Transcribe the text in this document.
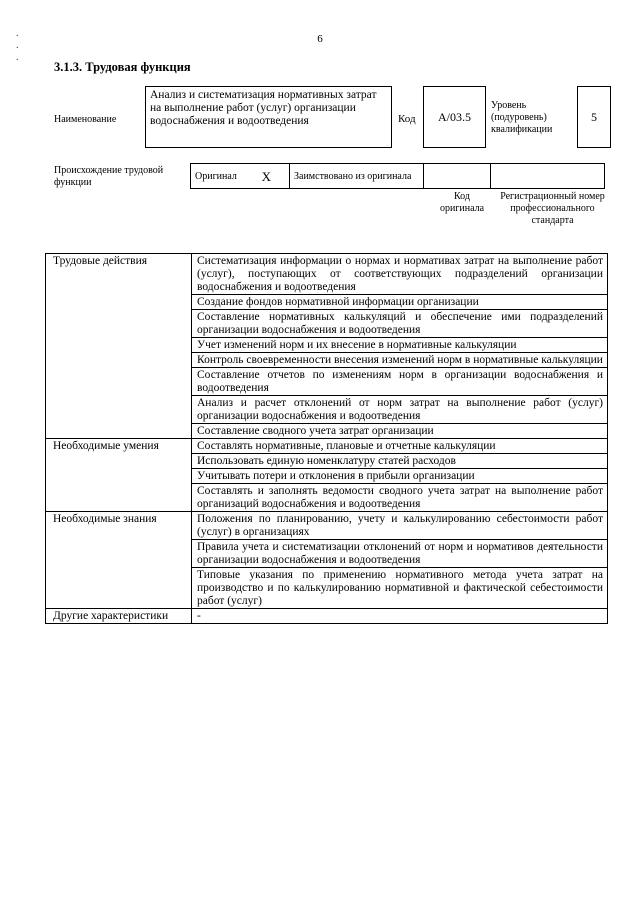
.
.
.
6
3.1.3. Трудовая функция
Наименование
Анализ и систематизация нормативных затрат на выполнение работ (услуг) организации водоснабжения и водоотведения	Код A/03.5
Уровень (подуровень) квалификации
5
Происхождение трудовой функции
Оригинал X	Заимствовано из оригинала		
Код оригинала
Регистрационный номер профессионального стандарта
Трудовые действия	Систематизация информации о нормах и нормативах затрат на выполнение работ (услуг), поступающих от соответствующих подразделений организации водоснабжения и водоотведения
	Создание фондов нормативной информации организации
	Составление нормативных калькуляций и обеспечение ими подразделений организации водоснабжения и водоотведения
	Учет изменений норм и их внесение в нормативные калькуляции
	Контроль своевременности внесения изменений норм в нормативные калькуляции
	Составление отчетов по изменениям норм в организации водоснабжения и водоотведения
	Анализ и расчет отклонений от норм затрат на выполнение работ (услуг) организации водоснабжения и водоотведения
	Составление сводного учета затрат организации
Необходимые умения	Составлять нормативные, плановые и отчетные калькуляции
	Использовать единую номенклатуру статей расходов
	Учитывать потери и отклонения в прибыли организации
	Составлять и заполнять ведомости сводного учета затрат на выполнение работ организаций водоснабжения и водоотведения
Необходимые знания	Положения по планированию, учету и калькулированию себестоимости работ (услуг) в организациях
	Правила учета и систематизации отклонений от норм и нормативов деятельности организации водоснабжения и водоотведения
	Типовые указания по применению нормативного метода учета затрат на производство и по калькулированию нормативной и фактической себестоимости работ (услуг)
Другие характеристики	-
